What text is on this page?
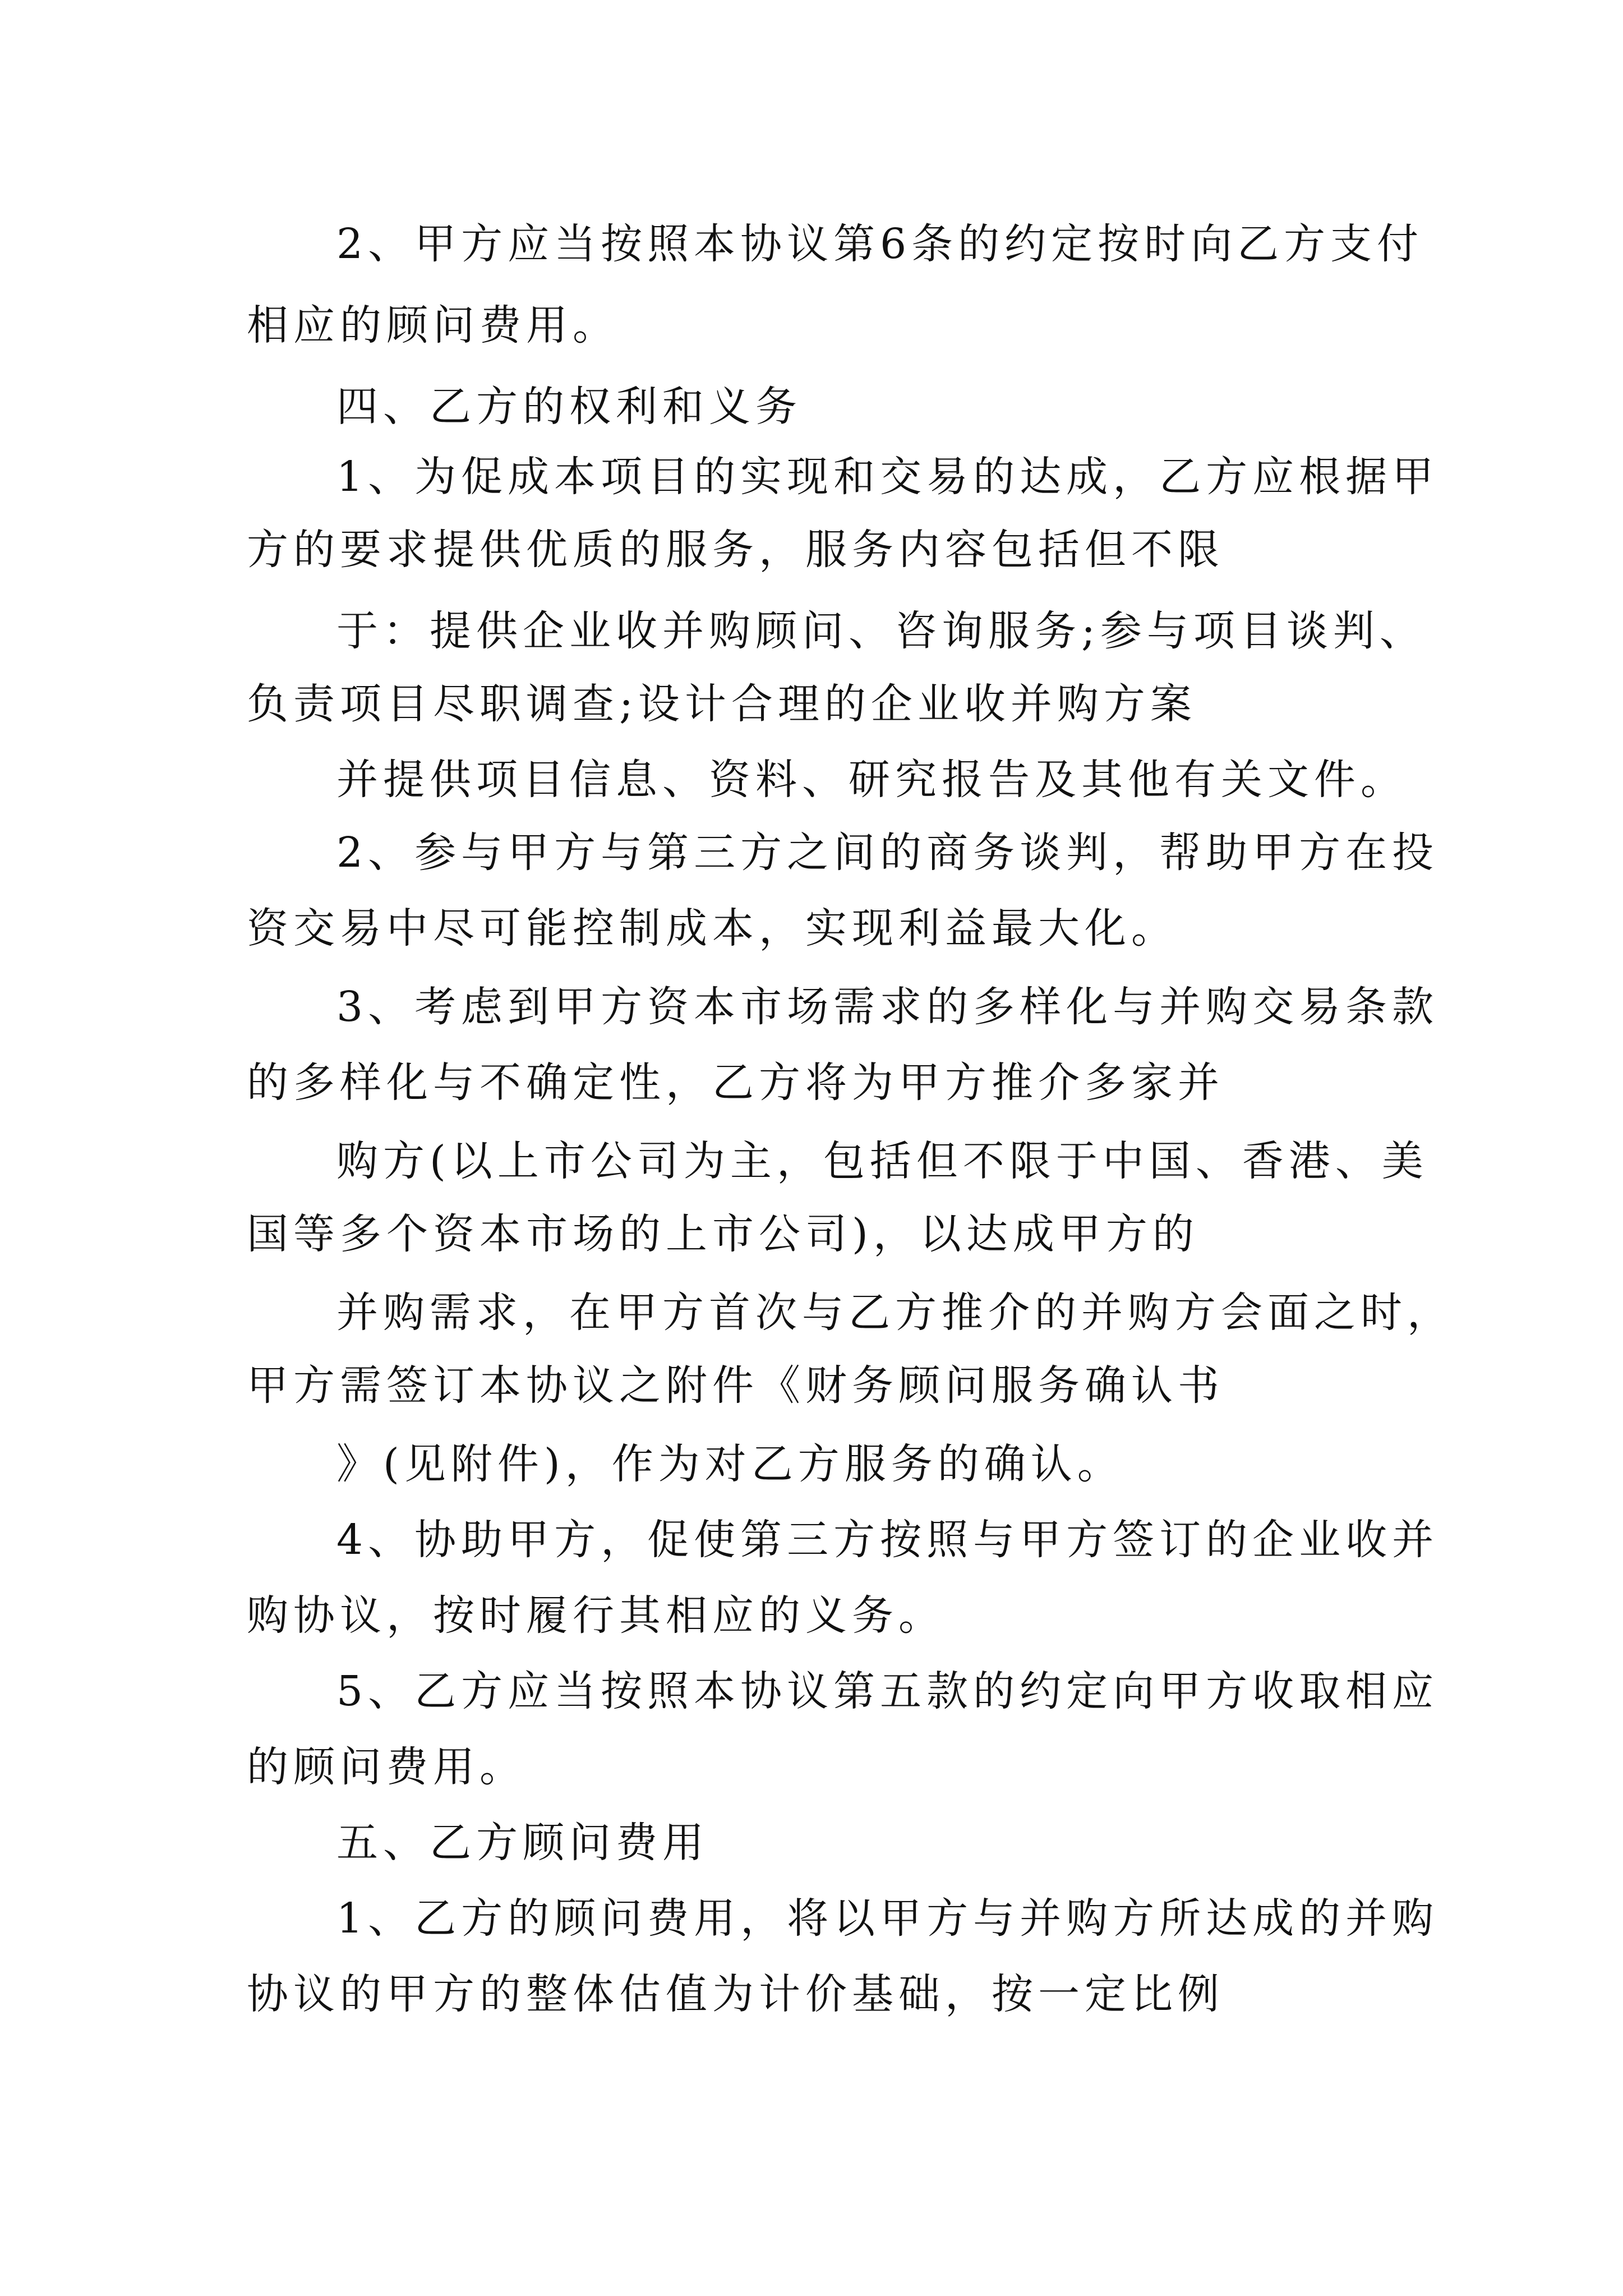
2、甲方应当按照本协议第6条的约定按时向乙方支付
相应的顾问费用。
四、乙方的权利和义务
1、为促成本项目的实现和交易的达成，乙方应根据甲
方的要求提供优质的服务，服务内容包括但不限
于：提供企业收并购顾问、咨询服务;参与项目谈判、
负责项目尽职调查;设计合理的企业收并购方案
并提供项目信息、资料、研究报告及其他有关文件。
2、参与甲方与第三方之间的商务谈判，帮助甲方在投
资交易中尽可能控制成本，实现利益最大化。
3、考虑到甲方资本市场需求的多样化与并购交易条款
的多样化与不确定性，乙方将为甲方推介多家并
购方(以上市公司为主，包括但不限于中国、香港、美
国等多个资本市场的上市公司)，以达成甲方的
并购需求，在甲方首次与乙方推介的并购方会面之时，
甲方需签订本协议之附件《财务顾问服务确认书
》(见附件)，作为对乙方服务的确认。
4、协助甲方，促使第三方按照与甲方签订的企业收并
购协议，按时履行其相应的义务。
5、乙方应当按照本协议第五款的约定向甲方收取相应
的顾问费用。
五、乙方顾问费用
1、乙方的顾问费用，将以甲方与并购方所达成的并购
协议的甲方的整体估值为计价基础，按一定比例
